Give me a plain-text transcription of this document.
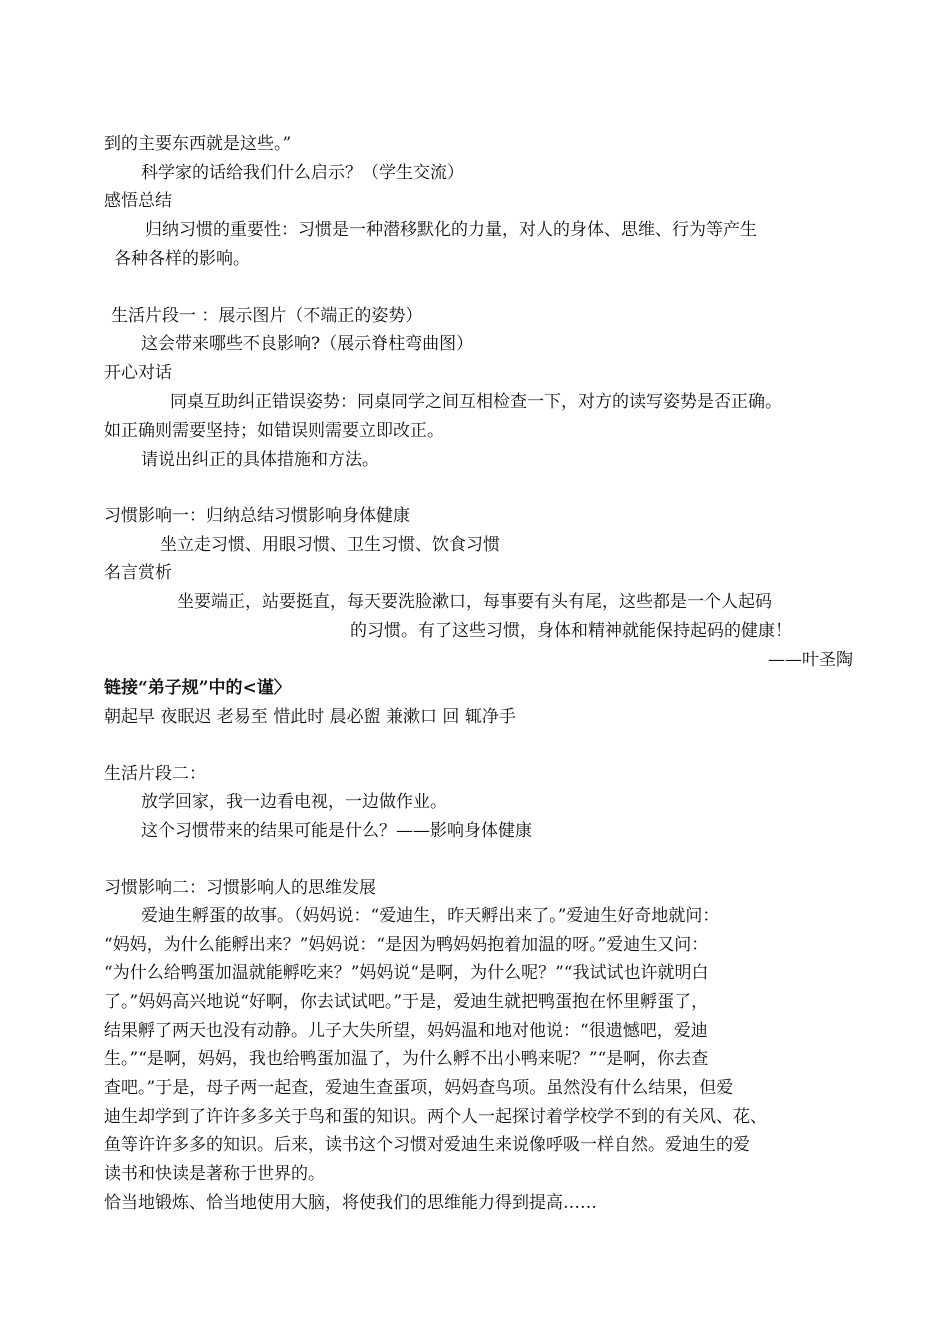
到的主要东西就是这些。”
科学家的话给我们什么启示？（学生交流）
感悟总结
归纳习惯的重要性：习惯是一种潜移默化的力量，对人的身体、思维、行为等产生
各种各样的影响。
生活片段一 ：展示图片（不端正的姿势）
这会带来哪些不良影响?（展示脊柱弯曲图）
开心对话
同桌互助纠正错误姿势：同桌同学之间互相检查一下，对方的读写姿势是否正确。
如正确则需要坚持；如错误则需要立即改正。
请说出纠正的具体措施和方法。
习惯影响一：归纳总结习惯影响身体健康
坐立走习惯、用眼习惯、卫生习惯、饮食习惯
名言赏析
坐要端正，站要挺直，每天要洗脸漱口，每事要有头有尾，这些都是一个人起码
的习惯。有了这些习惯，身体和精神就能保持起码的健康！
——叶圣陶
链接“弟子规”中的<谨〉
朝起早 夜眠迟 老易至 惜此时 晨必盥 兼漱口 回 辄净手
生活片段二：
放学回家，我一边看电视，一边做作业。
这个习惯带来的结果可能是什么？——影响身体健康
习惯影响二：习惯影响人的思维发展
爱迪生孵蛋的故事。（妈妈说：“爱迪生，昨天孵出来了。”爱迪生好奇地就问：
“妈妈，为什么能孵出来？”妈妈说：“是因为鸭妈妈抱着加温的呀。”爱迪生又问：
“为什么给鸭蛋加温就能孵吃来？”妈妈说“是啊，为什么呢？”“我试试也许就明白
了。”妈妈高兴地说“好啊，你去试试吧。”于是，爱迪生就把鸭蛋抱在怀里孵蛋了，
结果孵了两天也没有动静。儿子大失所望，妈妈温和地对他说：“很遗憾吧，爱迪
生。”“是啊，妈妈，我也给鸭蛋加温了，为什么孵不出小鸭来呢？”“是啊，你去查
查吧。”于是，母子两一起查，爱迪生查蛋项，妈妈查鸟项。虽然没有什么结果，但爱
迪生却学到了许许多多关于鸟和蛋的知识。两个人一起探讨着学校学不到的有关风、花、
鱼等许许多多的知识。后来，读书这个习惯对爱迪生来说像呼吸一样自然。爱迪生的爱
读书和快读是著称于世界的。
恰当地锻炼、恰当地使用大脑，将使我们的思维能力得到提高……
